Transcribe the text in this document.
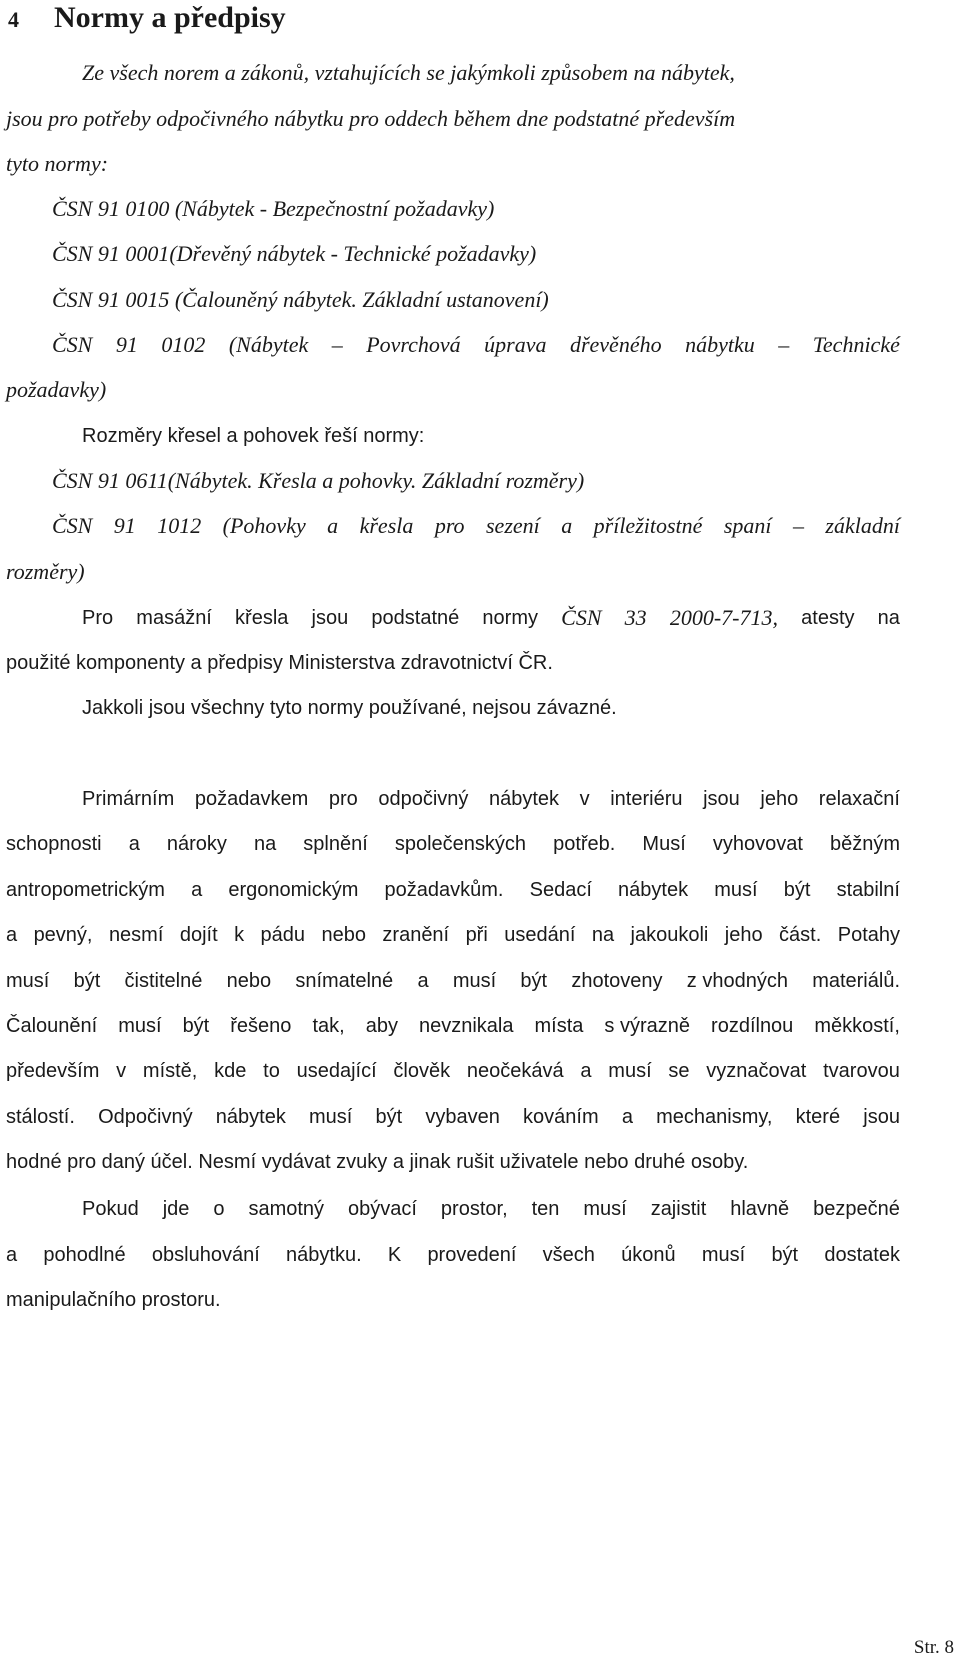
4 Normy a předpisy
Ze všech norem a zákonů, vztahujících se jakýmkoli způsobem na nábytek,
jsou pro potřeby odpočivného nábytku pro oddech během dne podstatné především
tyto normy:
ČSN 91 0100 (Nábytek - Bezpečnostní požadavky)
ČSN 91 0001(Dřevěný nábytek - Technické požadavky)
ČSN 91 0015 (Čalouněný nábytek. Základní ustanovení)
ČSN 91 0102 (Nábytek – Povrchová úprava dřevěného nábytku – Technické
požadavky)
Rozměry křesel a pohovek řeší normy:
ČSN 91 0611(Nábytek. Křesla a pohovky. Základní rozměry)
ČSN 91 1012 (Pohovky a křesla pro sezení a příležitostné spaní – základní
rozměry)
Pro masážní křesla jsou podstatné normy ČSN 33 2000-7-713, atesty na
použité komponenty a předpisy Ministerstva zdravotnictví ČR.
Jakkoli jsou všechny tyto normy používané, nejsou závazné.
Primárním požadavkem pro odpočivný nábytek v interiéru jsou jeho relaxační
schopnosti a nároky na splnění společenských potřeb. Musí vyhovovat běžným
antropometrickým a ergonomickým požadavkům. Sedací nábytek musí být stabilní
a pevný, nesmí dojít k pádu nebo zranění při usedání na jakoukoli jeho část. Potahy
musí být čistitelné nebo snímatelné a musí být zhotoveny z vhodných materiálů.
Čalounění musí být řešeno tak, aby nevznikala místa s výrazně rozdílnou měkkostí,
především v místě, kde to usedající člověk neočekává a musí se vyznačovat tvarovou
stálostí. Odpočivný nábytek musí být vybaven kováním a mechanismy, které jsou
hodné pro daný účel. Nesmí vydávat zvuky a jinak rušit uživatele nebo druhé osoby.
Pokud jde o samotný obývací prostor, ten musí zajistit hlavně bezpečné
a pohodlné obsluhování nábytku. K provedení všech úkonů musí být dostatek
manipulačního prostoru.
Str. 8
